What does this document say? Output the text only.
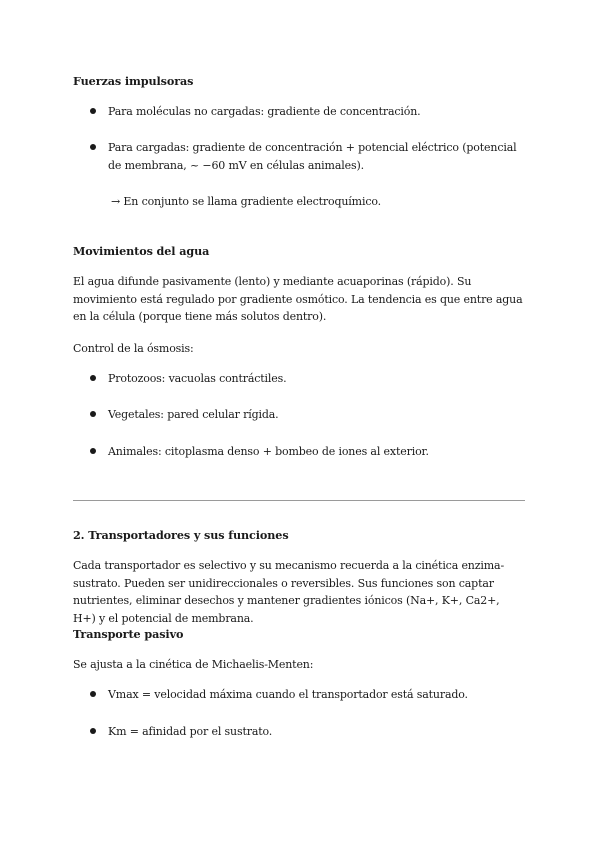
Fuerzas impulsoras
Para moléculas no cargadas: gradiente de concentración.
Para cargadas: gradiente de concentración + potencial eléctrico (potencial de membrana, ~ −60 mV en células animales).
→ En conjunto se llama gradiente electroquímico.
Movimientos del agua
El agua difunde pasivamente (lento) y mediante acuaporinas (rápido). Su movimiento está regulado por gradiente osmótico. La tendencia es que entre agua en la célula (porque tiene más solutos dentro).
Control de la ósmosis:
Protozoos: vacuolas contráctiles.
Vegetales: pared celular rígida.
Animales: citoplasma denso + bombeo de iones al exterior.
2. Transportadores y sus funciones
Cada transportador es selectivo y su mecanismo recuerda a la cinética enzima-sustrato. Pueden ser unidireccionales o reversibles. Sus funciones son captar nutrientes, eliminar desechos y mantener gradientes iónicos (Na+, K+, Ca2+, H+) y el potencial de membrana.
Transporte pasivo
Se ajusta a la cinética de Michaelis-Menten:
Vmax = velocidad máxima cuando el transportador está saturado.
Km = afinidad por el sustrato.
